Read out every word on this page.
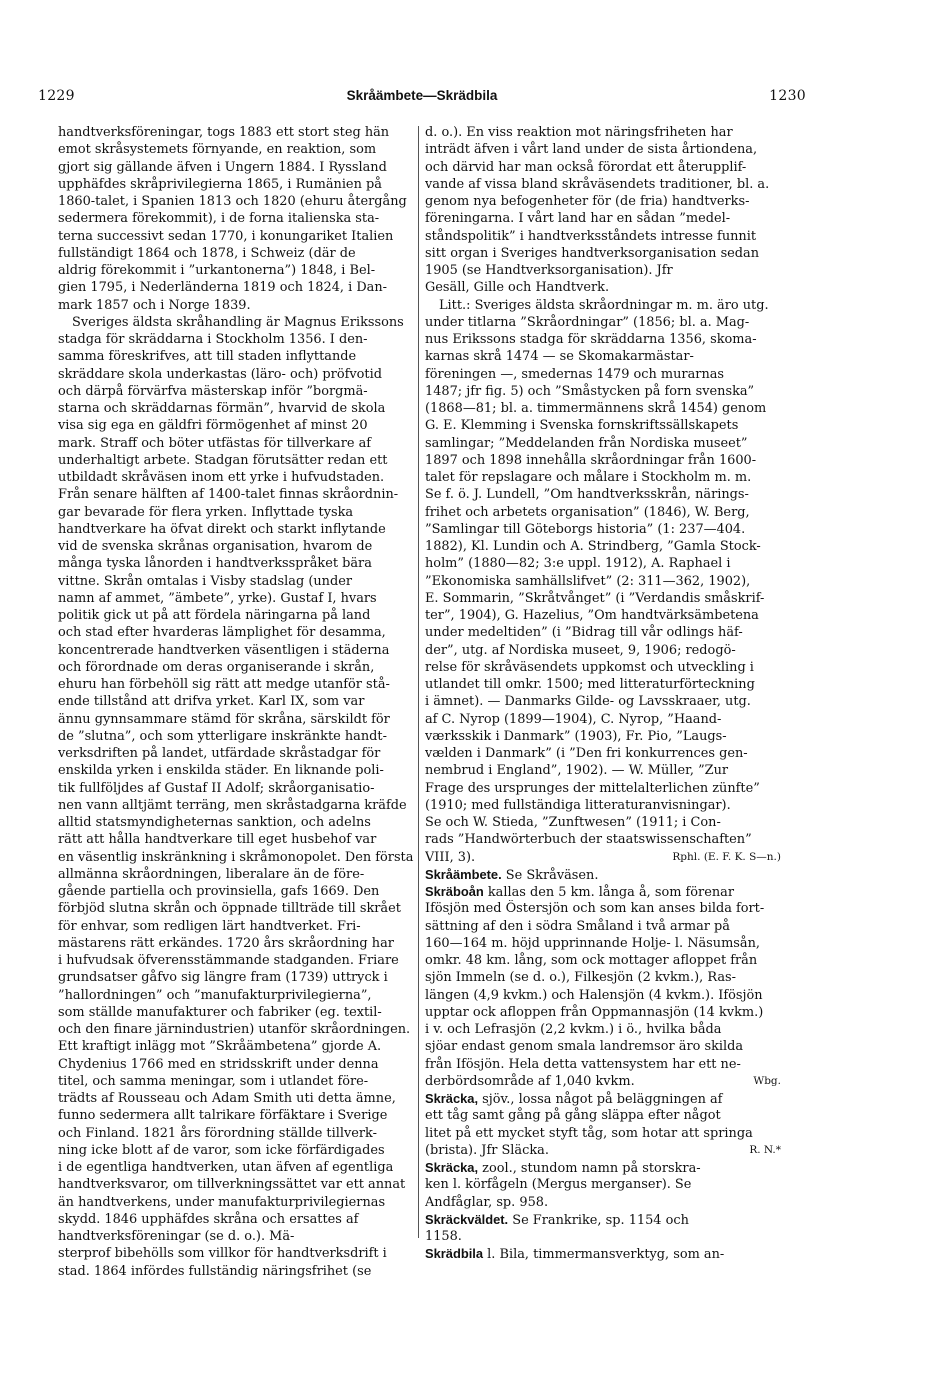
1229	Skråämbete—Skrädbila	1230
handtverksföreningar, togs 1883 ett stort steg hän
emot skråsystemets förnyande, en reaktion, som
gjort sig gällande äfven i Ungern 1884. I Ryssland
upphäfdes skråprivilegierna 1865, i Rumänien på
1860-talet, i Spanien 1813 och 1820 (ehuru återgång
sedermera förekommit), i de forna italienska sta-
terna successivt sedan 1770, i konungariket Italien
fullständigt 1864 och 1878, i Schweiz (där de
aldrig förekommit i ”urkantonerna”) 1848, i Bel-
gien 1795, i Nederländerna 1819 och 1824, i Dan-
mark 1857 och i Norge 1839.
Sveriges äldsta skråhandling är Magnus Erikssons
stadga för skräddarna i Stockholm 1356. I den-
samma föreskrifves, att till staden inflyttande
skräddare skola underkastas (läro- och) pröfvotid
och därpå förvärfva mästerskap inför ”borgmä-
starna och skräddarnas förmän”, hvarvid de skola
visa sig ega en gäldfri förmögenhet af minst 20
mark. Straff och böter utfästas för tillverkare af
underhaltigt arbete. Stadgan förutsätter redan ett
utbildadt skråväsen inom ett yrke i hufvudstaden.
Från senare hälften af 1400-talet finnas skråordnin-
gar bevarade för flera yrken. Inflyttade tyska
handtverkare ha öfvat direkt och starkt inflytande
vid de svenska skrånas organisation, hvarom de
många tyska lånorden i handtverksspråket bära
vittne. Skrån omtalas i Visby stadslag (under
namn af ammet, ”ämbete”, yrke). Gustaf I, hvars
politik gick ut på att fördela näringarna på land
och stad efter hvarderas lämplighet för desamma,
koncentrerade handtverken väsentligen i städerna
och förordnade om deras organiserande i skrån,
ehuru han förbehöll sig rätt att medge utanför stå-
ende tillstånd att drifva yrket. Karl IX, som var
ännu gynnsammare stämd för skråna, särskildt för
de ”slutna”, och som ytterligare inskränkte handt-
verksdriften på landet, utfärdade skråstadgar för
enskilda yrken i enskilda städer. En liknande poli-
tik fullföljdes af Gustaf II Adolf; skråorganisatio-
nen vann alltjämt terräng, men skråstadgarna kräfde
alltid statsmyndigheternas sanktion, och adelns
rätt att hålla handtverkare till eget husbehof var
en väsentlig inskränkning i skråmonopolet. Den första
allmänna skråordningen, liberalare än de före-
gående partiella och provinsiella, gafs 1669. Den
förbjöd slutna skrån och öppnade tillträde till skrået
för enhvar, som redligen lärt handtverket. Fri-
mästarens rätt erkändes. 1720 års skråordning har
i hufvudsak öfverensstämmande stadganden. Friare
grundsatser gåfvo sig längre fram (1739) uttryck i
”hallordningen” och ”manufakturprivilegierna”,
som ställde manufakturer och fabriker (eg. textil-
och den finare järnindustrien) utanför skråordningen.
Ett kraftigt inlägg mot ”Skråämbetena” gjorde A.
Chydenius 1766 med en stridsskrift under denna
titel, och samma meningar, som i utlandet före-
trädts af Rousseau och Adam Smith uti detta ämne,
funno sedermera allt talrikare förfäktare i Sverige
och Finland. 1821 års förordning ställde tillverk-
ning icke blott af de varor, som icke förfärdigades
i de egentliga handtverken, utan äfven af egentliga
handtverksvaror, om tillverkningssättet var ett annat
än handtverkens, under manufakturprivilegiernas
skydd. 1846 upphäfdes skråna och ersattes af
handtverksföreningar (se d. o.). Mä-
sterprof bibehölls som villkor för handtverksdrift i
stad. 1864 infördes fullständig näringsfrihet (se
d. o.). En viss reaktion mot näringsfriheten har
inträdt äfven i vårt land under de sista årtiondena,
och därvid har man också förordat ett återupplif-
vande af vissa bland skråväsendets traditioner, bl. a.
genom nya befogenheter för (de fria) handtverks-
föreningarna. I vårt land har en sådan ”medel-
ståndspolitik” i handtverksståndets intresse funnit
sitt organ i Sveriges handtverksorganisation sedan
1905 (se Handtverksorganisation). Jfr
Gesäll, Gille och Handtverk.
Litt.: Sveriges äldsta skråordningar m. m. äro utg.
under titlarna ”Skråordningar” (1856; bl. a. Mag-
nus Erikssons stadga för skräddarna 1356, skoma-
karnas skrå 1474 — se Skomakarmästar-
föreningen —, smedernas 1479 och murarnas
1487; jfr fig. 5) och ”Småstycken på forn svenska”
(1868—81; bl. a. timmermännens skrå 1454) genom
G. E. Klemming i Svenska fornskriftssällskapets
samlingar; ”Meddelanden från Nordiska museet”
1897 och 1898 innehålla skråordningar från 1600-
talet för repslagare och målare i Stockholm m. m.
Se f. ö. J. Lundell, ”Om handtverksskrån, närings-
frihet och arbetets organisation” (1846), W. Berg,
”Samlingar till Göteborgs historia” (1: 237—404.
1882), Kl. Lundin och A. Strindberg, ”Gamla Stock-
holm” (1880—82; 3:e uppl. 1912), A. Raphael i
”Ekonomiska samhällslifvet” (2: 311—362, 1902),
E. Sommarin, ”Skråtvånget” (i ”Verdandis småskrif-
ter”, 1904), G. Hazelius, ”Om handtvärksämbetena
under medeltiden” (i ”Bidrag till vår odlings häf-
der”, utg. af Nordiska museet, 9, 1906; redogö-
relse för skråväsendets uppkomst och utveckling i
utlandet till omkr. 1500; med litteraturförteckning
i ämnet). — Danmarks Gilde- og Lavsskraaer, utg.
af C. Nyrop (1899—1904), C. Nyrop, ”Haand-
værksskik i Danmark” (1903), Fr. Pio, ”Laugs-
vælden i Danmark” (i ”Den fri konkurrences gen-
nembrud i England”, 1902). — W. Müller, ”Zur
Frage des ursprunges der mittelalterlichen zünfte”
(1910; med fullständiga litteraturanvisningar).
Se och W. Stieda, ”Zunftwesen” (1911; i Con-
rads ”Handwörterbuch der staatswissenschaften”
VIII, 3).	Rphl. (E. F. K. S—n.)
Skråämbete. Se Skråväsen.
Skräboån kallas den 5 km. långa å, som förenar
Ifösjön med Östersjön och som kan anses bilda fort-
sättning af den i södra Småland i två armar på
160—164 m. höjd upprinnande Holje- l. Näsumsån,
omkr. 48 km. lång, som ock mottager afloppet från
sjön Immeln (se d. o.), Filkesjön (2 kvkm.), Ras-
längen (4,9 kvkm.) och Halensjön (4 kvkm.). Ifösjön
upptar ock afloppen från Oppmannasjön (14 kvkm.)
i v. och Lefrasjön (2,2 kvkm.) i ö., hvilka båda
sjöar endast genom smala landremsor äro skilda
från Ifösjön. Hela detta vattensystem har ett ne-
derbördsområde af 1,040 kvkm.	Wbg.
Skräcka, sjöv., lossa något på beläggningen af
ett tåg samt gång på gång släppa efter något
litet på ett mycket styft tåg, som hotar att springa
(brista). Jfr Släcka.	R. N.*
Skräcka, zool., stundom namn på storskra-
ken l. körfågeln (Mergus merganser). Se
Andfåglar, sp. 958.
Skräckväldet. Se Frankrike, sp. 1154 och
1158.
Skrädbila l. Bila, timmermansverktyg, som an-
